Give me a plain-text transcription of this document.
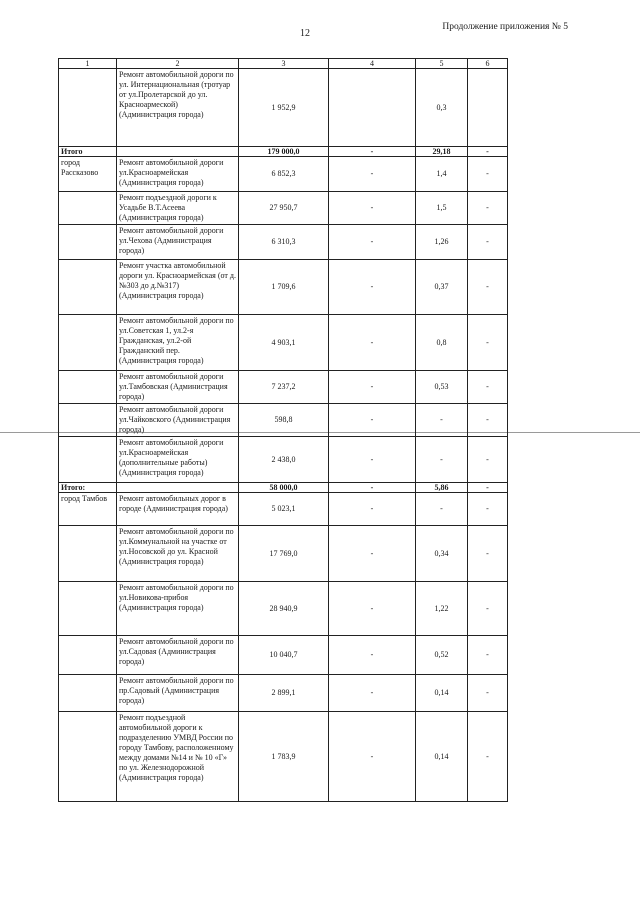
12
Продолжение приложения № 5
1	2	3	4	5	6
	Ремонт автомобильной дороги по ул. Интернациональная (тротуар от ул.Пролетарской до ул. Красноармеской) (Администрация города)	1 952,9		0,3	
Итого		179 000,0	-	29,18	-
город Рассказово	Ремонт автомобильной дороги ул.Красноармейская (Администрация города)	6 852,3	-	1,4	-
	Ремонт подъездной дороги к Усадьбе В.Т.Асеева (Администрация города)	27 950,7	-	1,5	-
	Ремонт автомобильной дороги ул.Чехова (Администрация города)	6 310,3	-	1,26	-
	Ремонт участка автомобильной дороги ул. Красноармейская (от д.№303 до д.№317) (Администрация города)	1 709,6	-	0,37	-
	Ремонт автомобильной дороги по ул.Советская 1, ул.2-я Гражданская, ул.2-ой Гражданский пер. (Администрация города)	4 903,1	-	0,8	-
	Ремонт автомобильной дороги ул.Тамбовская (Администрация города)	7 237,2	-	0,53	-
	Ремонт автомобильной дороги ул.Чайковского (Администрация города)	598,8	-	-	-
	Ремонт автомобильной дороги ул.Красноармейская (дополнительные работы) (Администрация города)	2 438,0	-	-	-
Итого:		58 000,0	-	5,86	-
город Тамбов	Ремонт автомобильных дорог в городе (Администрация города)	5 023,1	-	-	-
	Ремонт автомобильной дороги по ул.Коммунальной на участке от ул.Носовской до ул. Красной (Администрация города)	17 769,0	-	0,34	-
	Ремонт автомобильной дороги по ул.Новикова-прибоя (Администрация города)	28 940,9	-	1,22	-
	Ремонт автомобильной дороги по ул.Садовая (Администрация города)	10 040,7	-	0,52	-
	Ремонт автомобильной дороги по пр.Садовый (Администрация города)	2 899,1	-	0,14	-
	Ремонт подъездной автомобильной дороги к подразделению УМВД России по городу Тамбову, расположенному между домами №14 и № 10 «Г» по ул. Железнодорожной (Администрация города)	1 783,9	-	0,14	-
